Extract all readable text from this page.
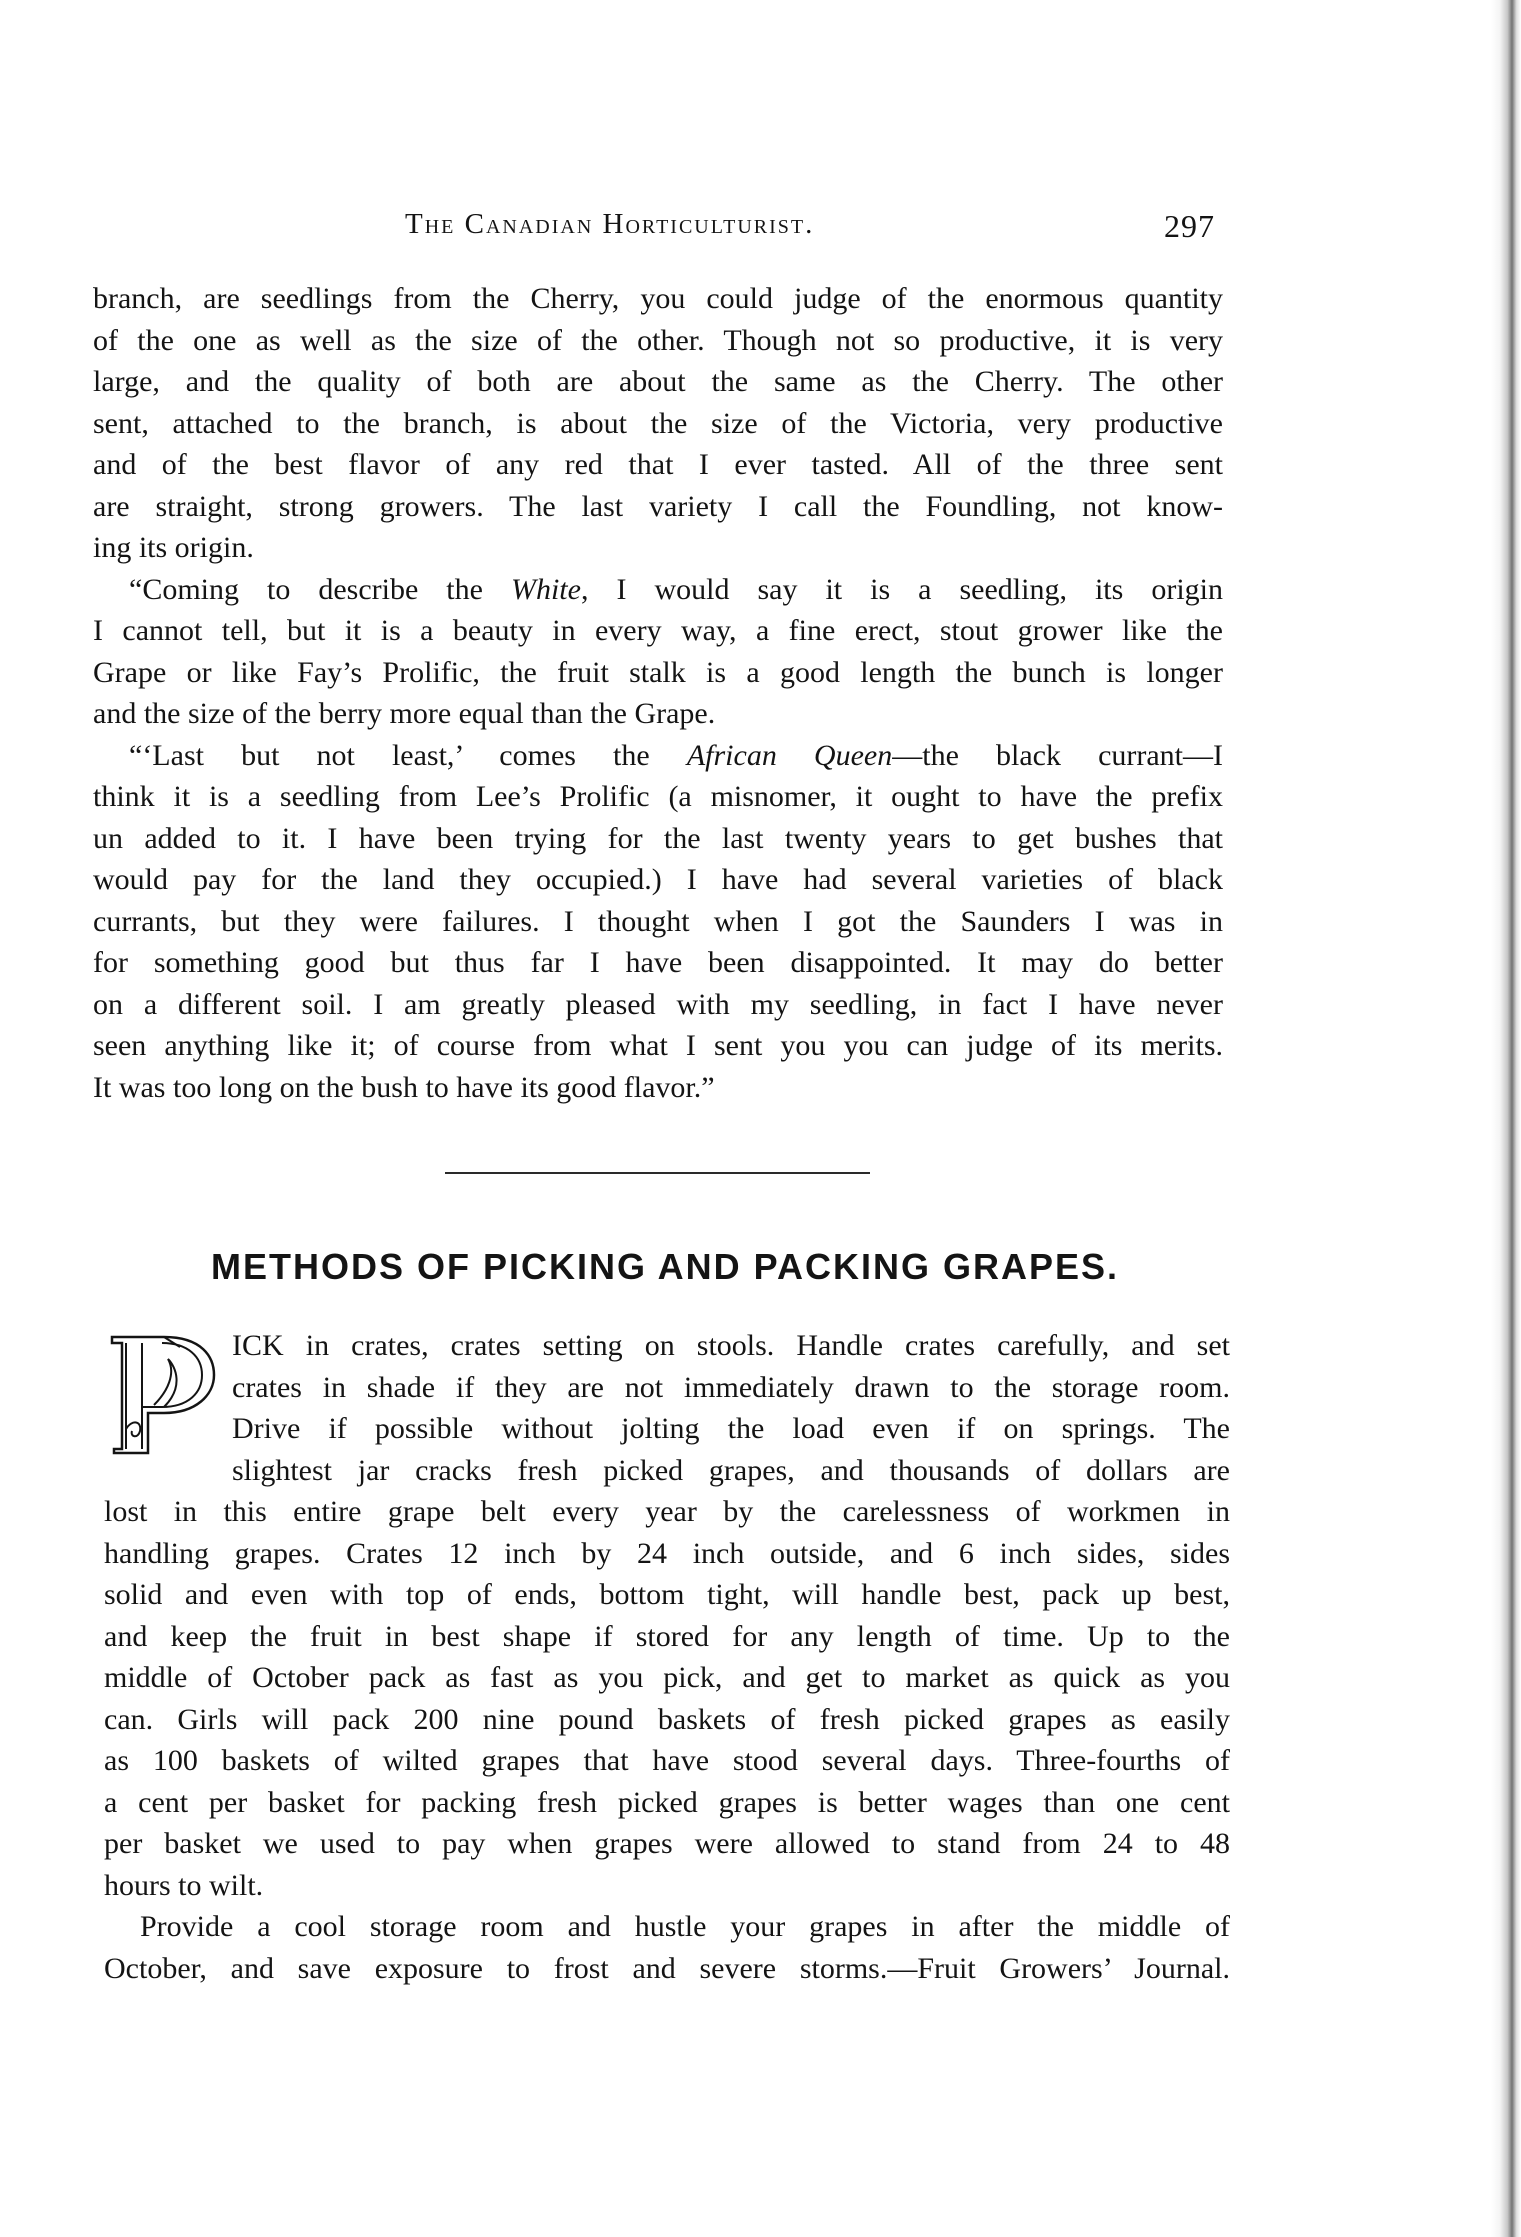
The Canadian Horticulturist.	297
branch, are seedlings from the Cherry, you could judge of the enormous quantity
of the one as well as the size of the other. Though not so productive, it is very
large, and the quality of both are about the same as the Cherry. The other
sent, attached to the branch, is about the size of the Victoria, very productive
and of the best flavor of any red that I ever tasted. All of the three sent
are straight, strong growers. The last variety I call the Foundling, not know-
ing its origin.
“Coming to describe the White, I would say it is a seedling, its origin
I cannot tell, but it is a beauty in every way, a fine erect, stout grower like the
Grape or like Fay’s Prolific, the fruit stalk is a good length the bunch is longer
and the size of the berry more equal than the Grape.
“‘Last but not least,’ comes the African Queen—the black currant—I
think it is a seedling from Lee’s Prolific (a misnomer, it ought to have the prefix
un added to it. I have been trying for the last twenty years to get bushes that
would pay for the land they occupied.) I have had several varieties of black
currants, but they were failures. I thought when I got the Saunders I was in
for something good but thus far I have been disappointed. It may do better
on a different soil. I am greatly pleased with my seedling, in fact I have never
seen anything like it; of course from what I sent you you can judge of its merits.
It was too long on the bush to have its good flavor.”
METHODS OF PICKING AND PACKING GRAPES.
ICK in crates, crates setting on stools. Handle crates carefully, and set
crates in shade if they are not immediately drawn to the storage room.
Drive if possible without jolting the load even if on springs. The
slightest jar cracks fresh picked grapes, and thousands of dollars are
lost in this entire grape belt every year by the carelessness of workmen in
handling grapes. Crates 12 inch by 24 inch outside, and 6 inch sides, sides
solid and even with top of ends, bottom tight, will handle best, pack up best,
and keep the fruit in best shape if stored for any length of time. Up to the
middle of October pack as fast as you pick, and get to market as quick as you
can. Girls will pack 200 nine pound baskets of fresh picked grapes as easily
as 100 baskets of wilted grapes that have stood several days. Three-fourths of
a cent per basket for packing fresh picked grapes is better wages than one cent
per basket we used to pay when grapes were allowed to stand from 24 to 48
hours to wilt.
Provide a cool storage room and hustle your grapes in after the middle of
October, and save exposure to frost and severe storms.—Fruit Growers’ Journal.
